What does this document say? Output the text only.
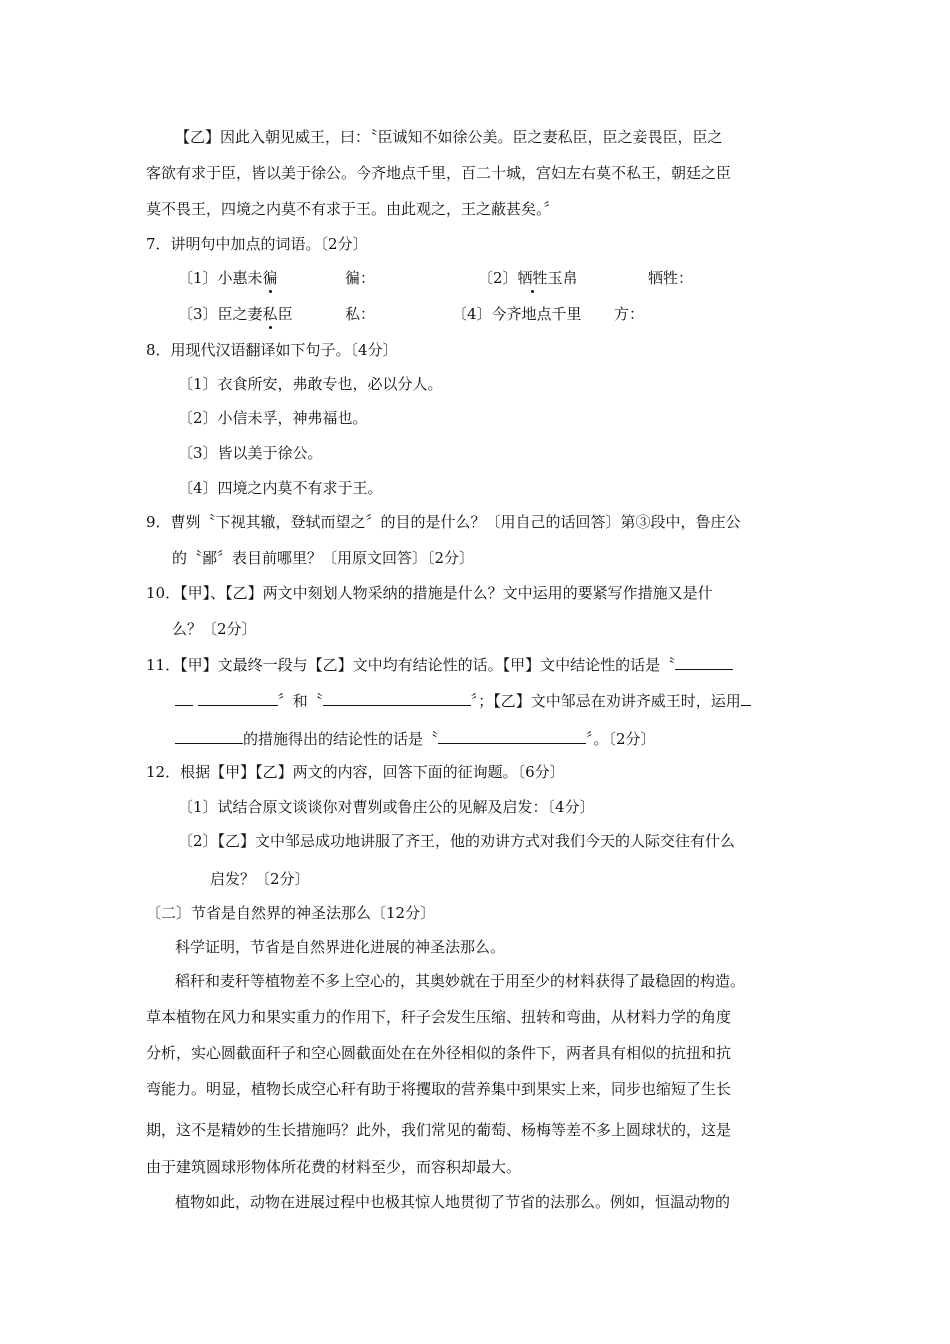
【乙】因此入朝见威王，曰：〝臣诚知不如徐公美。臣之妻私臣，臣之妾畏臣，臣之
客欲有求于臣，皆以美于徐公。今齐地点千里，百二十城，宫妇左右莫不私王，朝廷之臣
莫不畏王，四境之内莫不有求于王。由此观之，王之蔽甚矣。〞
7．讲明句中加点的词语。〔2分〕
〔1〕小惠未徧	徧：	〔2〕牺牲玉帛	牺牲：
〔3〕臣之妻私臣	私：	〔4〕今齐地点千里 方：
8．用现代汉语翻译如下句子。〔4分〕
〔1〕衣食所安，弗敢专也，必以分人。
〔2〕小信未孚，神弗福也。
〔3〕皆以美于徐公。
〔4〕四境之内莫不有求于王。
9．曹刿〝下视其辙，登轼而望之〞的目的是什么？〔用自己的话回答〕第③段中，鲁庄公
的〝鄙〞表目前哪里？〔用原文回答〕〔2分〕
10．【甲】、【乙】两文中刻划人物采纳的措施是什么？文中运用的要紧写作措施又是什
么？〔2分〕
11．【甲】文最终一段与【乙】文中均有结论性的话。【甲】文中结论性的话是〝
〞和〝	〞；【乙】文中邹忌在劝讲齐威王时，运用
的措施得出的结论性的话是〝	〞。〔2分〕
12．根据【甲】【乙】两文的内容，回答下面的征询题。〔6分〕
〔1〕试结合原文谈谈你对曹刿或鲁庄公的见解及启发：〔4分〕
〔2〕【乙】文中邹忌成功地讲服了齐王，他的劝讲方式对我们今天的人际交往有什么
启发？〔2分〕
〔二〕节省是自然界的神圣法那么〔12分〕
科学证明，节省是自然界进化进展的神圣法那么。
稻秆和麦秆等植物差不多上空心的，其奥妙就在于用至少的材料获得了最稳固的构造。
草本植物在风力和果实重力的作用下，秆子会发生压缩、扭转和弯曲，从材料力学的角度
分析，实心圆截面秆子和空心圆截面处在在外径相似的条件下，两者具有相似的抗扭和抗
弯能力。明显，植物长成空心秆有助于将攫取的营养集中到果实上来，同步也缩短了生长
期，这不是精妙的生长措施吗？此外，我们常见的葡萄、杨梅等差不多上圆球状的，这是
由于建筑圆球形物体所花费的材料至少，而容积却最大。
植物如此，动物在进展过程中也极其惊人地贯彻了节省的法那么。例如，恒温动物的
